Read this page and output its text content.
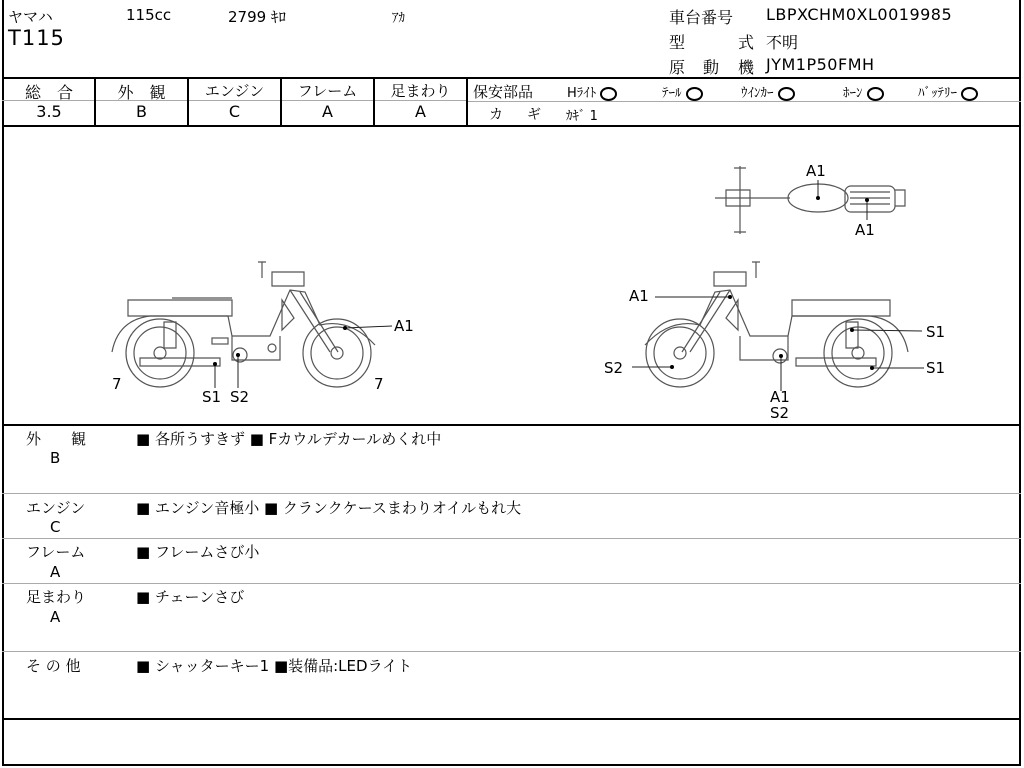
ヤマハ	115cc	2799 ｷﾛ	ｱｶ
T115
車台番号 LBPXCHM0XL0019985
型	式 不明
原 動 機 JYM1P50FMH
総　合	外　観	エンジン	フレーム	足まわり
3.5	B	C	A	A
保安部品	Hﾗｲﾄ	ﾃｰﾙ	ｳｲﾝｶｰ	ﾎｰﾝ	ﾊﾞｯﾃﾘｰ
カ ギ ｶｷﾞ 1
A1
7	7
S1 S2
A1
S1
S1
S2
A1
S2
A1
A1
外　　観
B
■ 各所うすきず ■ Fカウルデカールめくれ中
エンジン
C
■ エンジン音極小 ■ クランクケースまわりオイルもれ大
フレーム
A
■ フレームさび小
足まわり
A
■ チェーンさび
そ の 他	■ シャッターキー1 ■装備品:LEDライト
